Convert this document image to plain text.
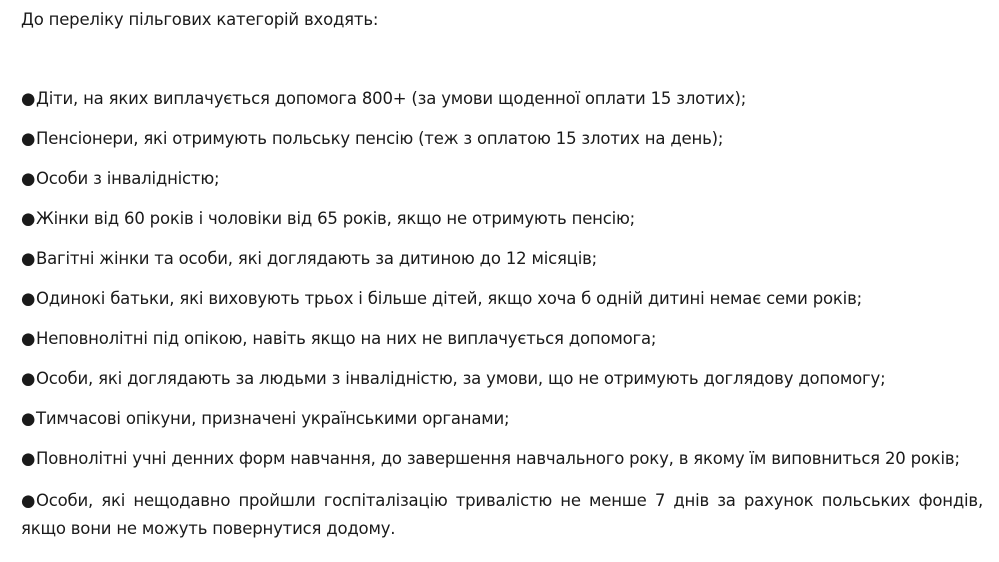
До переліку пільгових категорій входять:

●Діти, на яких виплачується допомога 800+ (за умови щоденної оплати 15 злотих);
●Пенсіонери, які отримують польську пенсію (теж з оплатою 15 злотих на день);
●Особи з інвалідністю;
●Жінки від 60 років і чоловіки від 65 років, якщо не отримують пенсію;
●Вагітні жінки та особи, які доглядають за дитиною до 12 місяців;
●Одинокі батьки, які виховують трьох і більше дітей, якщо хоча б одній дитині немає семи років;
●Неповнолітні під опікою, навіть якщо на них не виплачується допомога;
●Особи, які доглядають за людьми з інвалідністю, за умови, що не отримують доглядову допомогу;
●Тимчасові опікуни, призначені українськими органами;
●Повнолітні учні денних форм навчання, до завершення навчального року, в якому їм виповниться 20 років;
●Особи, які нещодавно пройшли госпіталізацію тривалістю не менше 7 днів за рахунок польських фондів, якщо вони не можуть повернутися додому.
